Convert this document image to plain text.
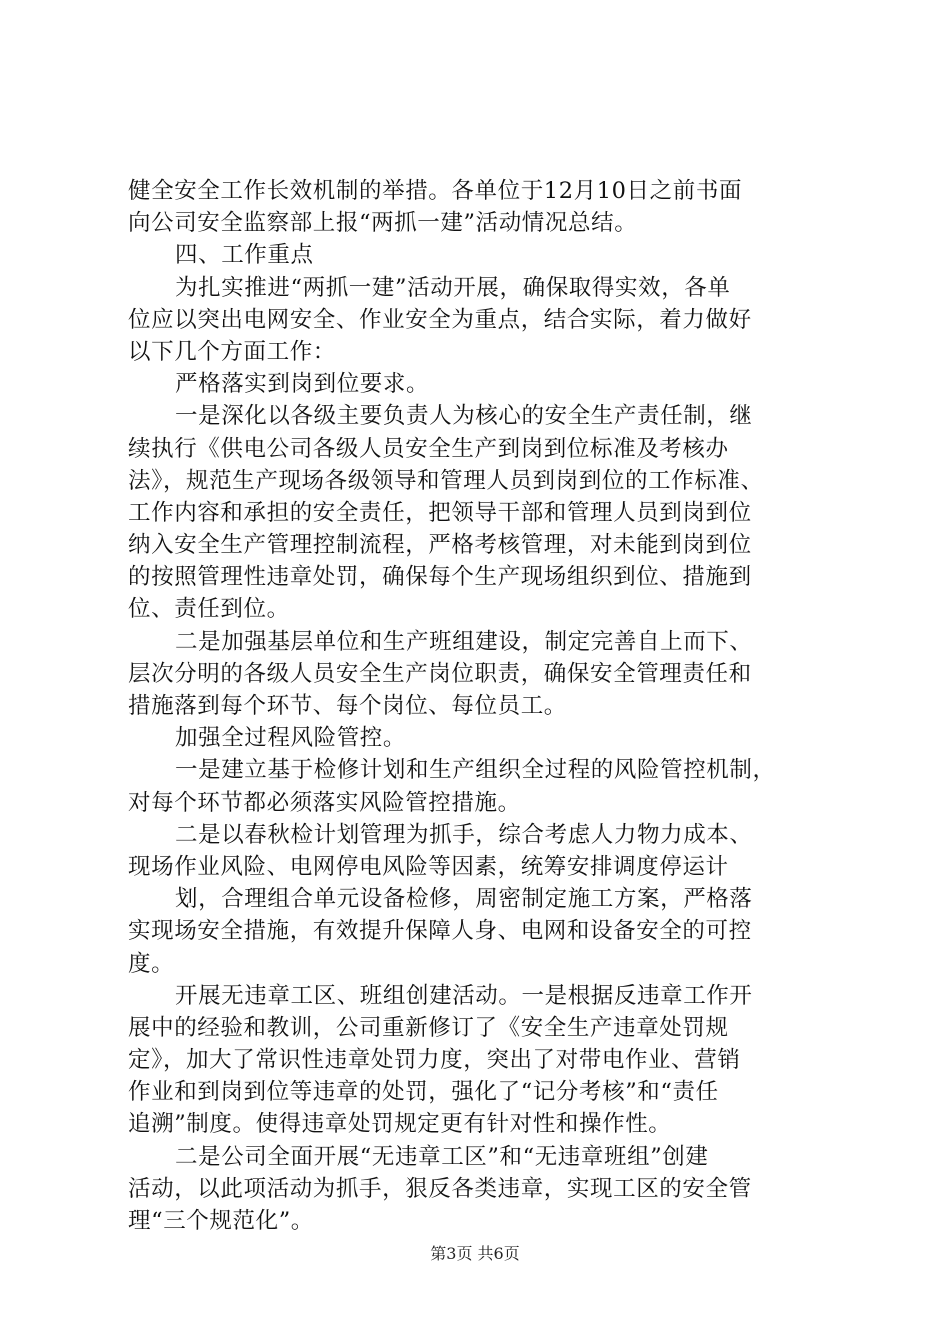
健全安全工作长效机制的举措。各单位于12月10日之前书面
向公司安全监察部上报“两抓一建”活动情况总结。
四、工作重点
为扎实推进“两抓一建”活动开展，确保取得实效，各单
位应以突出电网安全、作业安全为重点，结合实际，着力做好
以下几个方面工作：
严格落实到岗到位要求。
一是深化以各级主要负责人为核心的安全生产责任制，继
续执行《供电公司各级人员安全生产到岗到位标准及考核办
法》，规范生产现场各级领导和管理人员到岗到位的工作标准、
工作内容和承担的安全责任，把领导干部和管理人员到岗到位
纳入安全生产管理控制流程，严格考核管理，对未能到岗到位
的按照管理性违章处罚，确保每个生产现场组织到位、措施到
位、责任到位。
二是加强基层单位和生产班组建设，制定完善自上而下、
层次分明的各级人员安全生产岗位职责，确保安全管理责任和
措施落到每个环节、每个岗位、每位员工。
加强全过程风险管控。
一是建立基于检修计划和生产组织全过程的风险管控机制，
对每个环节都必须落实风险管控措施。
二是以春秋检计划管理为抓手，综合考虑人力物力成本、
现场作业风险、电网停电风险等因素，统筹安排调度停运计
划，合理组合单元设备检修，周密制定施工方案，严格落
实现场安全措施，有效提升保障人身、电网和设备安全的可控
度。
开展无违章工区、班组创建活动。一是根据反违章工作开
展中的经验和教训，公司重新修订了《安全生产违章处罚规
定》，加大了常识性违章处罚力度，突出了对带电作业、营销
作业和到岗到位等违章的处罚，强化了“记分考核”和“责任
追溯”制度。使得违章处罚规定更有针对性和操作性。
二是公司全面开展“无违章工区”和“无违章班组”创建
活动，以此项活动为抓手，狠反各类违章，实现工区的安全管
理“三个规范化”。
第3页 共6页
